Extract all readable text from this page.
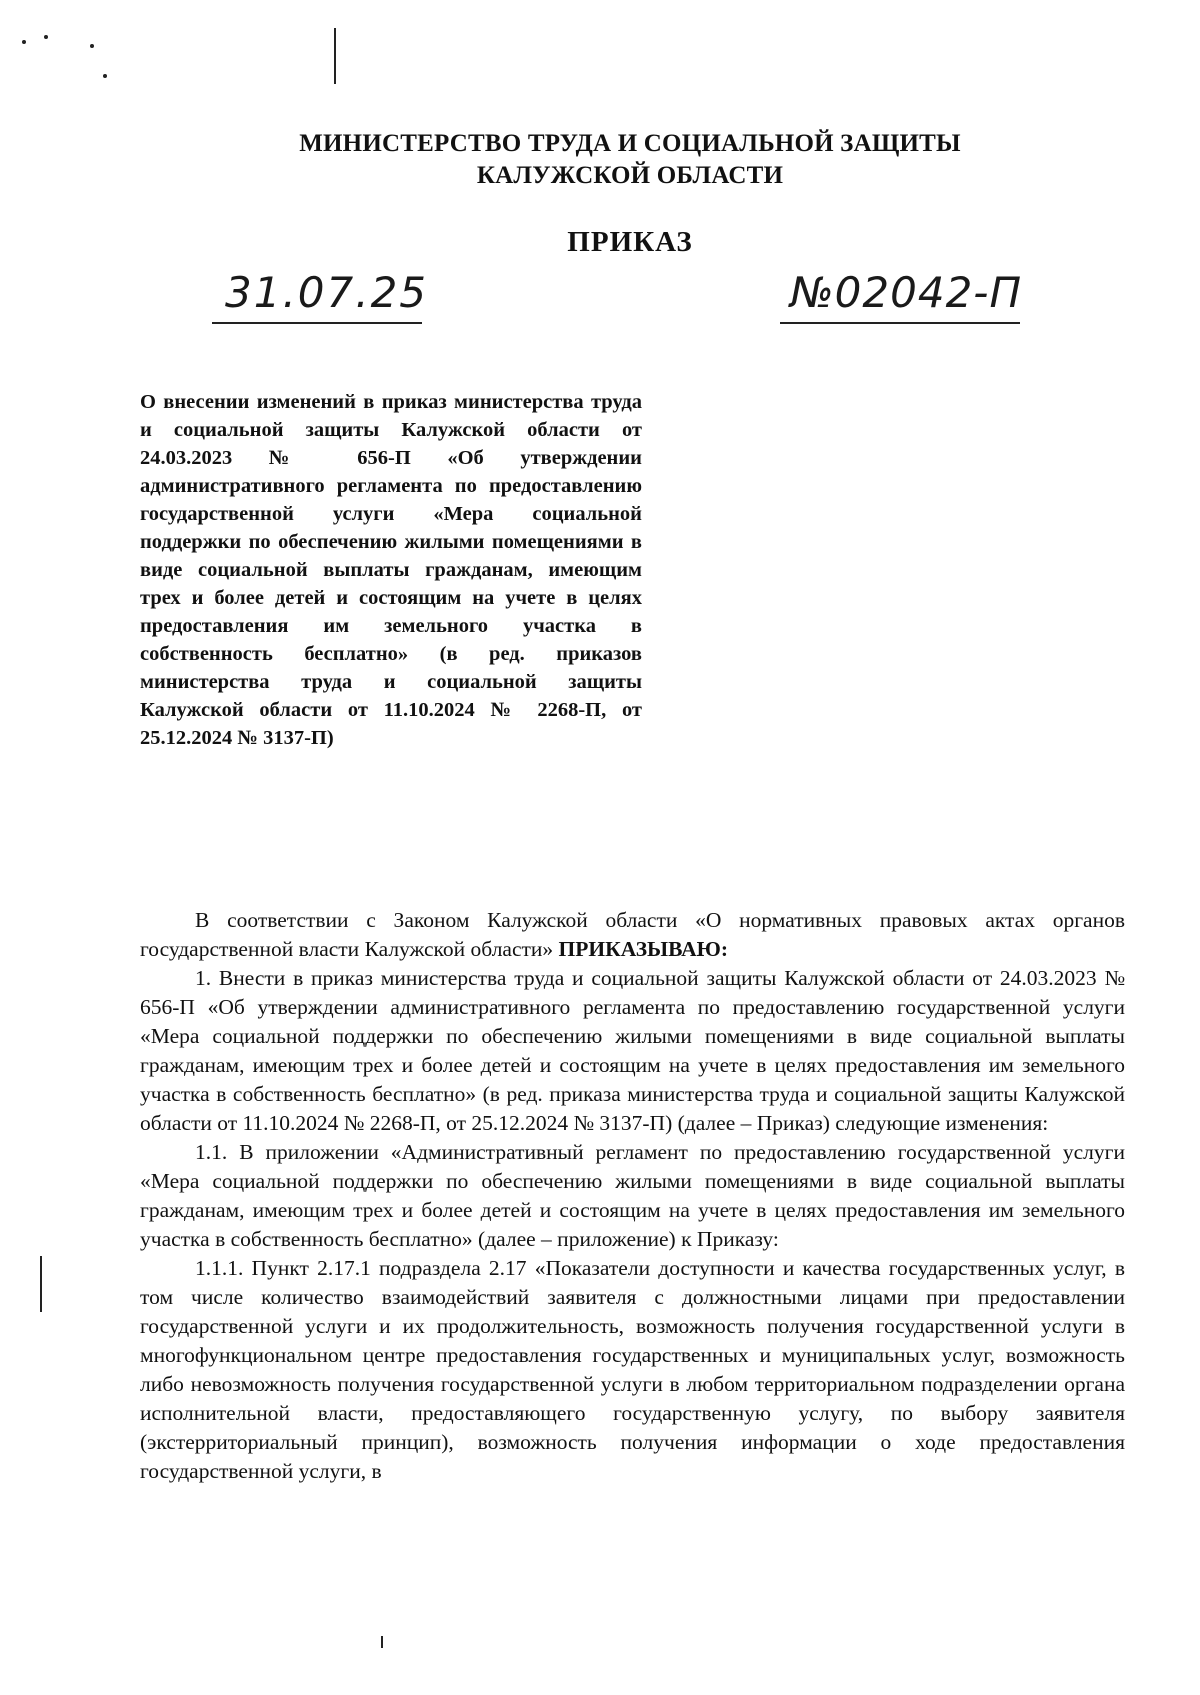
МИНИСТЕРСТВО ТРУДА И СОЦИАЛЬНОЙ ЗАЩИТЫ
КАЛУЖСКОЙ ОБЛАСТИ
ПРИКАЗ
31.07.25	№02042-П
О внесении изменений в приказ министерства труда и социальной защиты Калужской области от 24.03.2023 № 656-П «Об утверждении административного регламента по предоставлению государственной услуги «Мера социальной поддержки по обеспечению жилыми помещениями в виде социальной выплаты гражданам, имеющим трех и более детей и состоящим на учете в целях предоставления им земельного участка в собственность бесплатно» (в ред. приказов министерства труда и социальной защиты Калужской области от 11.10.2024 № 2268-П, от 25.12.2024 № 3137-П)

В соответствии с Законом Калужской области «О нормативных правовых актах органов государственной власти Калужской области» ПРИКАЗЫВАЮ:

1. Внести в приказ министерства труда и социальной защиты Калужской области от 24.03.2023 № 656-П «Об утверждении административного регламента по предоставлению государственной услуги «Мера социальной поддержки по обеспечению жилыми помещениями в виде социальной выплаты гражданам, имеющим трех и более детей и состоящим на учете в целях предоставления им земельного участка в собственность бесплатно» (в ред. приказа министерства труда и социальной защиты Калужской области от 11.10.2024 № 2268-П, от 25.12.2024 № 3137-П) (далее – Приказ) следующие изменения:

1.1. В приложении «Административный регламент по предоставлению государственной услуги «Мера социальной поддержки по обеспечению жилыми помещениями в виде социальной выплаты гражданам, имеющим трех и более детей и состоящим на учете в целях предоставления им земельного участка в собственность бесплатно» (далее – приложение) к Приказу:

1.1.1. Пункт 2.17.1 подраздела 2.17 «Показатели доступности и качества государственных услуг, в том числе количество взаимодействий заявителя с должностными лицами при предоставлении государственной услуги и их продолжительность, возможность получения государственной услуги в многофункциональном центре предоставления государственных и муниципальных услуг, возможность либо невозможность получения государственной услуги в любом территориальном подразделении органа исполнительной власти, предоставляющего государственную услугу, по выбору заявителя (экстерриториальный принцип), возможность получения информации о ходе предоставления государственной услуги, в
